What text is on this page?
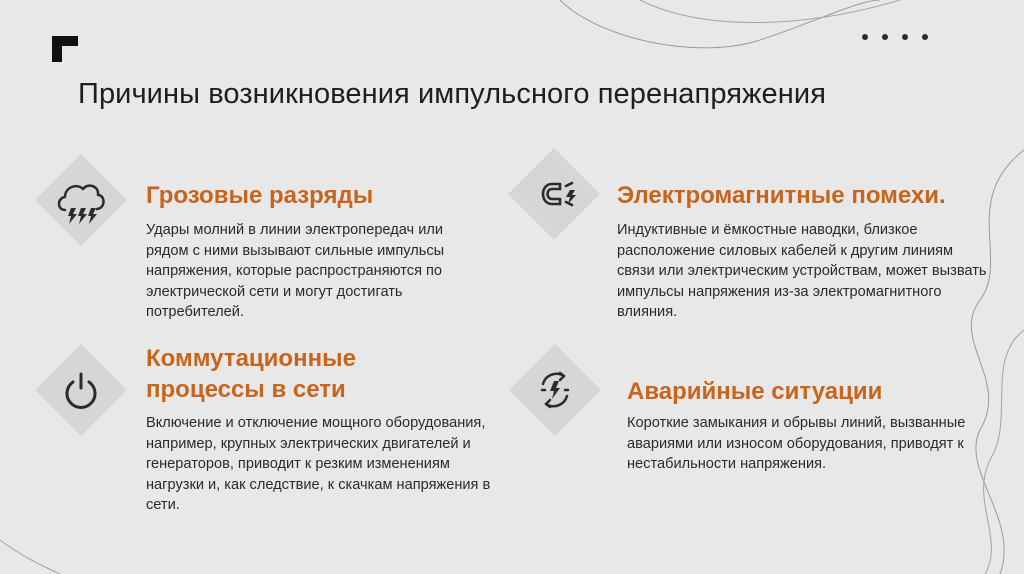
Причины возникновения импульсного перенапряжения
Грозовые разряды
Удары молний в линии электропередач или рядом с ними вызывают сильные импульсы напряжения, которые распространяются по электрической сети и могут достигать потребителей.
Электромагнитные помехи.
Индуктивные и ёмкостные наводки, близкое расположение силовых кабелей к другим линиям связи или электрическим устройствам, может вызвать импульсы напряжения из-за электромагнитного влияния.
Коммутационные процессы в сети
Включение и отключение мощного оборудования, например, крупных электрических двигателей и генераторов, приводит к резким изменениям нагрузки и, как следствие, к скачкам напряжения в сети.
Аварийные ситуации
Короткие замыкания и обрывы линий, вызванные авариями или износом оборудования, приводят к нестабильности напряжения.
